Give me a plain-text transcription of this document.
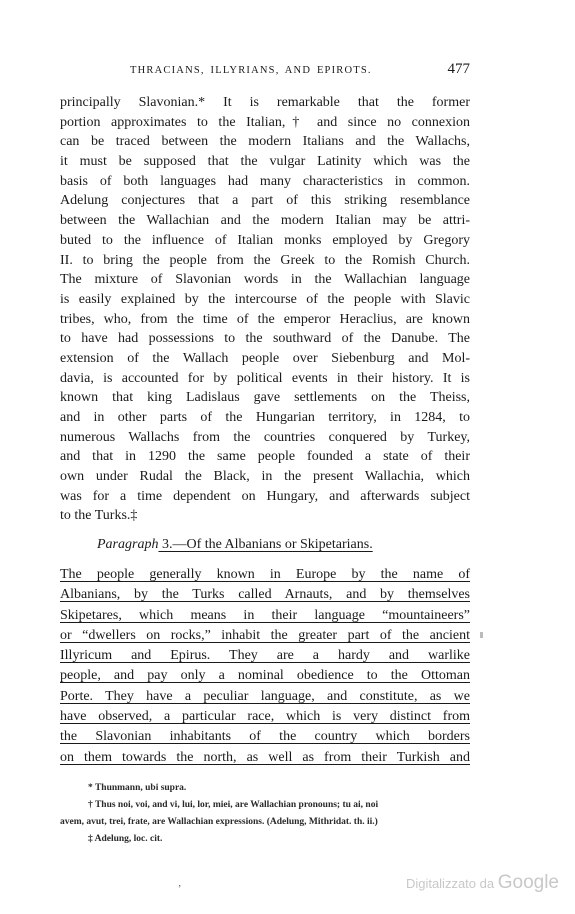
THRACIANS, ILLYRIANS, AND EPIROTS.	477
principally Slavonian.* It is remarkable that the former
portion approximates to the Italian,† and since no connexion
can be traced between the modern Italians and the Wallachs,
it must be supposed that the vulgar Latinity which was the
basis of both languages had many characteristics in common.
Adelung conjectures that a part of this striking resemblance
between the Wallachian and the modern Italian may be attri-
buted to the influence of Italian monks employed by Gregory
II. to bring the people from the Greek to the Romish Church.
The mixture of Slavonian words in the Wallachian language
is easily explained by the intercourse of the people with Slavic
tribes, who, from the time of the emperor Heraclius, are known
to have had possessions to the southward of the Danube. The
extension of the Wallach people over Siebenburg and Mol-
davia, is accounted for by political events in their history. It is
known that king Ladislaus gave settlements on the Theiss,
and in other parts of the Hungarian territory, in 1284, to
numerous Wallachs from the countries conquered by Turkey,
and that in 1290 the same people founded a state of their
own under Rudal the Black, in the present Wallachia, which
was for a time dependent on Hungary, and afterwards subject
to the Turks.‡
Paragraph 3.—Of the Albanians or Skipetarians.
The people generally known in Europe by the name of
Albanians, by the Turks called Arnauts, and by themselves
Skipetares, which means in their language “mountaineers”
or “dwellers on rocks,” inhabit the greater part of the ancient
Illyricum and Epirus. They are a hardy and warlike
people, and pay only a nominal obedience to the Ottoman
Porte. They have a peculiar language, and constitute, as we
have observed, a particular race, which is very distinct from
the Slavonian inhabitants of the country which borders
on them towards the north, as well as from their Turkish and
* Thunmann, ubi supra.
† Thus noi, voi, and vi, lui, lor, miei, are Wallachian pronouns; tu ai, noi
avem, avut, trei, frate, are Wallachian expressions. (Adelung, Mithridat. th. ii.)
‡ Adelung, loc. cit.
‚	Digitalizzato da Google
